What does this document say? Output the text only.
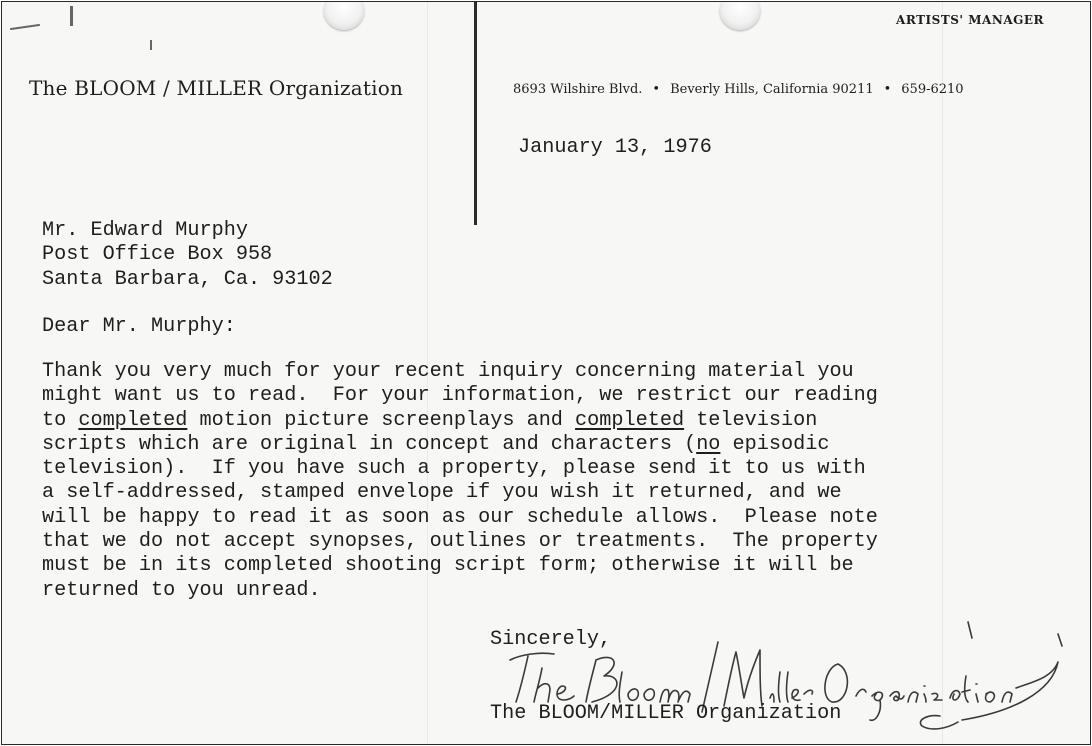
The BLOOM / MILLER Organization
ARTISTS' MANAGER
8693 Wilshire Blvd. • Beverly Hills, California 90211 • 659-6210
January 13, 1976
Mr. Edward Murphy
Post Office Box 958
Santa Barbara, Ca. 93102
Dear Mr. Murphy:
Thank you very much for your recent inquiry concerning material you
might want us to read.  For your information, we restrict our reading
to completed motion picture screenplays and completed television
scripts which are original in concept and characters (no episodic
television).  If you have such a property, please send it to us with
a self-addressed, stamped envelope if you wish it returned, and we
will be happy to read it as soon as our schedule allows.  Please note
that we do not accept synopses, outlines or treatments.  The property
must be in its completed shooting script form; otherwise it will be
returned to you unread.
Sincerely,
The Bloom/Miller Organization
The BLOOM/MILLER Organization
